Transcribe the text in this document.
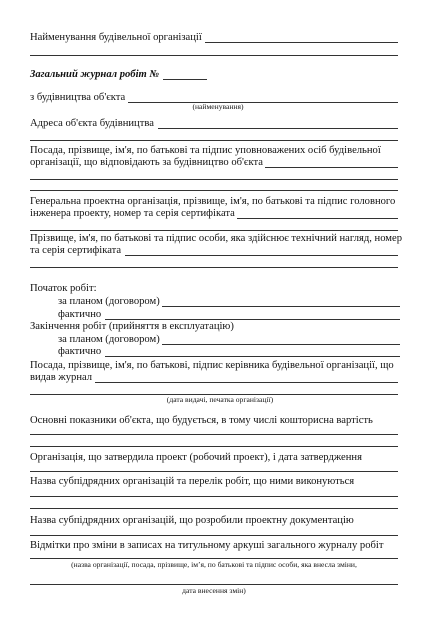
Найменування будівельної організації
Загальний журнал робіт №
з будівництва об'єкта
(найменування)
Адреса об'єкта будівництва
Посада, прізвище, ім'я, по батькові та підпис уповноважених осіб будівельної
організації, що відповідають за будівництво об'єкта
Генеральна проектна організація, прізвище, ім'я, по батькові та підпис головного
інженера проекту, номер та серія сертифіката
Прізвище, ім'я, по батькові та підпис особи, яка здійснює технічний нагляд, номер
та серія сертифіката
Початок робіт:
за планом (договором)
фактично
Закінчення робіт (прийняття в експлуатацію)
за планом (договором)
фактично
Посада, прізвище, ім'я, по батькові, підпис керівника будівельної організації, що
видав журнал
(дата видачі, печатка організації)
Основні показники об'єкта, що будується, в тому числі кошторисна вартість
Організація, що затвердила проект (робочий проект), і дата затвердження
Назва субпідрядних організацій та перелік робіт, що ними виконуються
Назва субпідрядних організацій, що розробили проектну документацію
Відмітки про зміни в записах на титульному аркуші загального журналу робіт
(назва організації, посада, прізвище, ім’я, по батькові та підпис особи, яка внесла зміни,
дата внесення змін)
